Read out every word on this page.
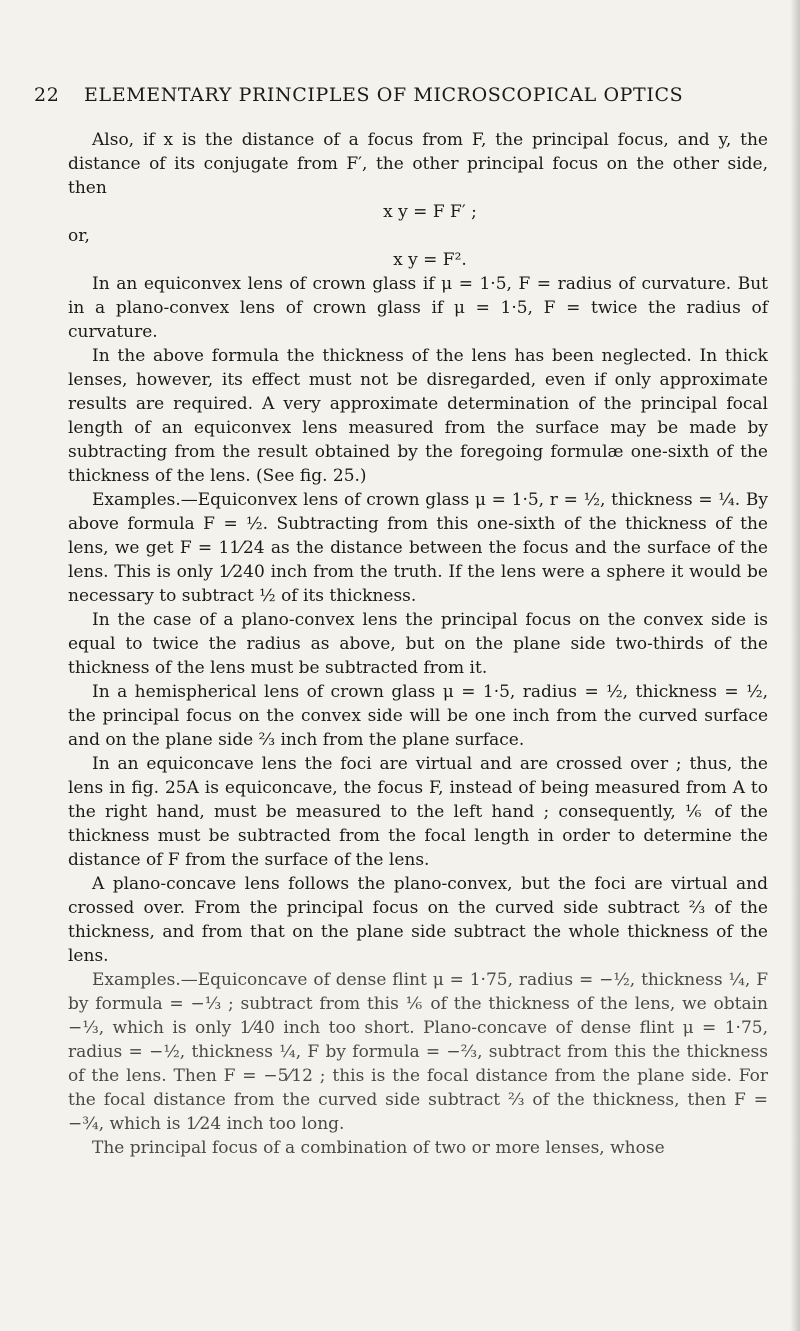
22 ELEMENTARY PRINCIPLES OF MICROSCOPICAL OPTICS

Also, if x is the distance of a focus from F, the principal focus, and y, the distance of its conjugate from F′, the other principal focus on the other side, then

x y = F F′ ;

or,

x y = F².

In an equiconvex lens of crown glass if μ = 1·5, F = radius of curvature. But in a plano-convex lens of crown glass if μ = 1·5, F = twice the radius of curvature.

In the above formula the thickness of the lens has been neglected. In thick lenses, however, its effect must not be disregarded, even if only approximate results are required. A very approximate determination of the principal focal length of an equiconvex lens measured from the surface may be made by subtracting from the result obtained by the foregoing formulæ one-sixth of the thickness of the lens. (See fig. 25.)

Examples.—Equiconvex lens of crown glass μ = 1·5, r = ½, thickness = ¼. By above formula F = ½. Subtracting from this one-sixth of the thickness of the lens, we get F = 11⁄24 as the distance between the focus and the surface of the lens. This is only 1⁄240 inch from the truth. If the lens were a sphere it would be necessary to subtract ½ of its thickness.

In the case of a plano-convex lens the principal focus on the convex side is equal to twice the radius as above, but on the plane side two-thirds of the thickness of the lens must be subtracted from it.

In a hemispherical lens of crown glass μ = 1·5, radius = ½, thickness = ½, the principal focus on the convex side will be one inch from the curved surface and on the plane side ⅔ inch from the plane surface.

In an equiconcave lens the foci are virtual and are crossed over ; thus, the lens in fig. 25A is equiconcave, the focus F, instead of being measured from A to the right hand, must be measured to the left hand ; consequently, ⅙ of the thickness must be subtracted from the focal length in order to determine the distance of F from the surface of the lens.

A plano-concave lens follows the plano-convex, but the foci are virtual and crossed over. From the principal focus on the curved side subtract ⅔ of the thickness, and from that on the plane side subtract the whole thickness of the lens.

Examples.—Equiconcave of dense flint μ = 1·75, radius = −½, thickness ¼, F by formula = −⅓ ; subtract from this ⅙ of the thickness of the lens, we obtain −⅓, which is only 1⁄40 inch too short. Plano-concave of dense flint μ = 1·75, radius = −½, thickness ¼, F by formula = −⅔, subtract from this the thickness of the lens. Then F = −5⁄12 ; this is the focal distance from the plane side. For the focal distance from the curved side subtract ⅔ of the thickness, then F = −¾, which is 1⁄24 inch too long.

The principal focus of a combination of two or more lenses, whose
